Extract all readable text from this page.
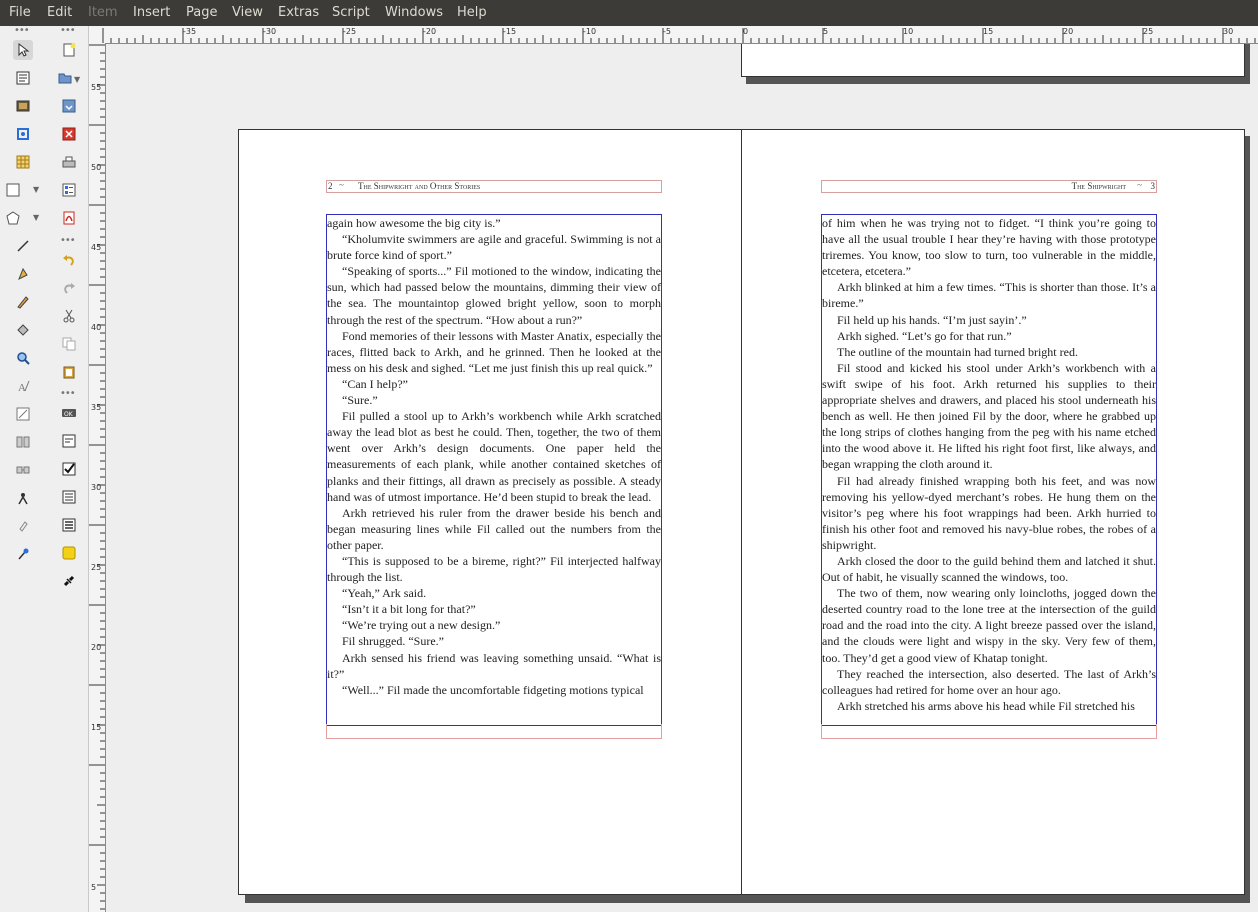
File Edit Item Insert Page View Extras Script Windows Help
•••	•••
▼
▼
A
▼
•••
•••
OK
-35	-30	-25	-20	-15	-10	-5	0	5	10	15	20	25	30
55
50
45
40
35
30
25
20
15
5
2 ~ The Shipwright and Other Stories

again how awesome the big city is.”

“Kholumvite swimmers are agile and graceful. Swimming is not a brute force kind of sport.”

“Speaking of sports...” Fil motioned to the window, indicating the sun, which had passed below the mountains, dimming their view of the sea. The mountaintop glowed bright yellow, soon to morph through the rest of the spectrum. “How about a run?”

Fond memories of their lessons with Master Anatix, especially the races, flitted back to Arkh, and he grinned. Then he looked at the mess on his desk and sighed. “Let me just finish this up real quick.”

“Can I help?”

“Sure.”

Fil pulled a stool up to Arkh’s workbench while Arkh scratched away the lead blot as best he could. Then, together, the two of them went over Arkh’s design documents. One paper held the measurements of each plank, while another contained sketches of planks and their fittings, all drawn as precisely as possible. A steady hand was of utmost importance. He’d been stupid to break the lead.

Arkh retrieved his ruler from the drawer beside his bench and began measuring lines while Fil called out the numbers from the other paper.

“This is supposed to be a bireme, right?” Fil interjected halfway through the list.

“Yeah,” Ark said.

“Isn’t it a bit long for that?”

“We’re trying out a new design.”

Fil shrugged. “Sure.”

Arkh sensed his friend was leaving something unsaid. “What is it?”

“Well...” Fil made the uncomfortable fidgeting motions typical

The Shipwright ~ 3

of him when he was trying not to fidget. “I think you’re going to have all the usual trouble I hear they’re having with those prototype triremes. You know, too slow to turn, too vulnerable in the middle, etcetera, etcetera.”

Arkh blinked at him a few times. “This is shorter than those. It’s a bireme.”

Fil held up his hands. “I’m just sayin’.”

Arkh sighed. “Let’s go for that run.”

The outline of the mountain had turned bright red.

Fil stood and kicked his stool under Arkh’s workbench with a swift swipe of his foot. Arkh returned his supplies to their appropriate shelves and drawers, and placed his stool underneath his bench as well. He then joined Fil by the door, where he grabbed up the long strips of clothes hanging from the peg with his name etched into the wood above it. He lifted his right foot first, like always, and began wrapping the cloth around it.

Fil had already finished wrapping both his feet, and was now removing his yellow-dyed merchant’s robes. He hung them on the visitor’s peg where his foot wrappings had been. Arkh hurried to finish his other foot and removed his navy-blue robes, the robes of a shipwright.

Arkh closed the door to the guild behind them and latched it shut. Out of habit, he visually scanned the windows, too.

The two of them, now wearing only loincloths, jogged down the deserted country road to the lone tree at the intersection of the guild road and the road into the city. A light breeze passed over the island, and the clouds were light and wispy in the sky. Very few of them, too. They’d get a good view of Khatap tonight.

They reached the intersection, also deserted. The last of Arkh’s colleagues had retired for home over an hour ago.

Arkh stretched his arms above his head while Fil stretched his
